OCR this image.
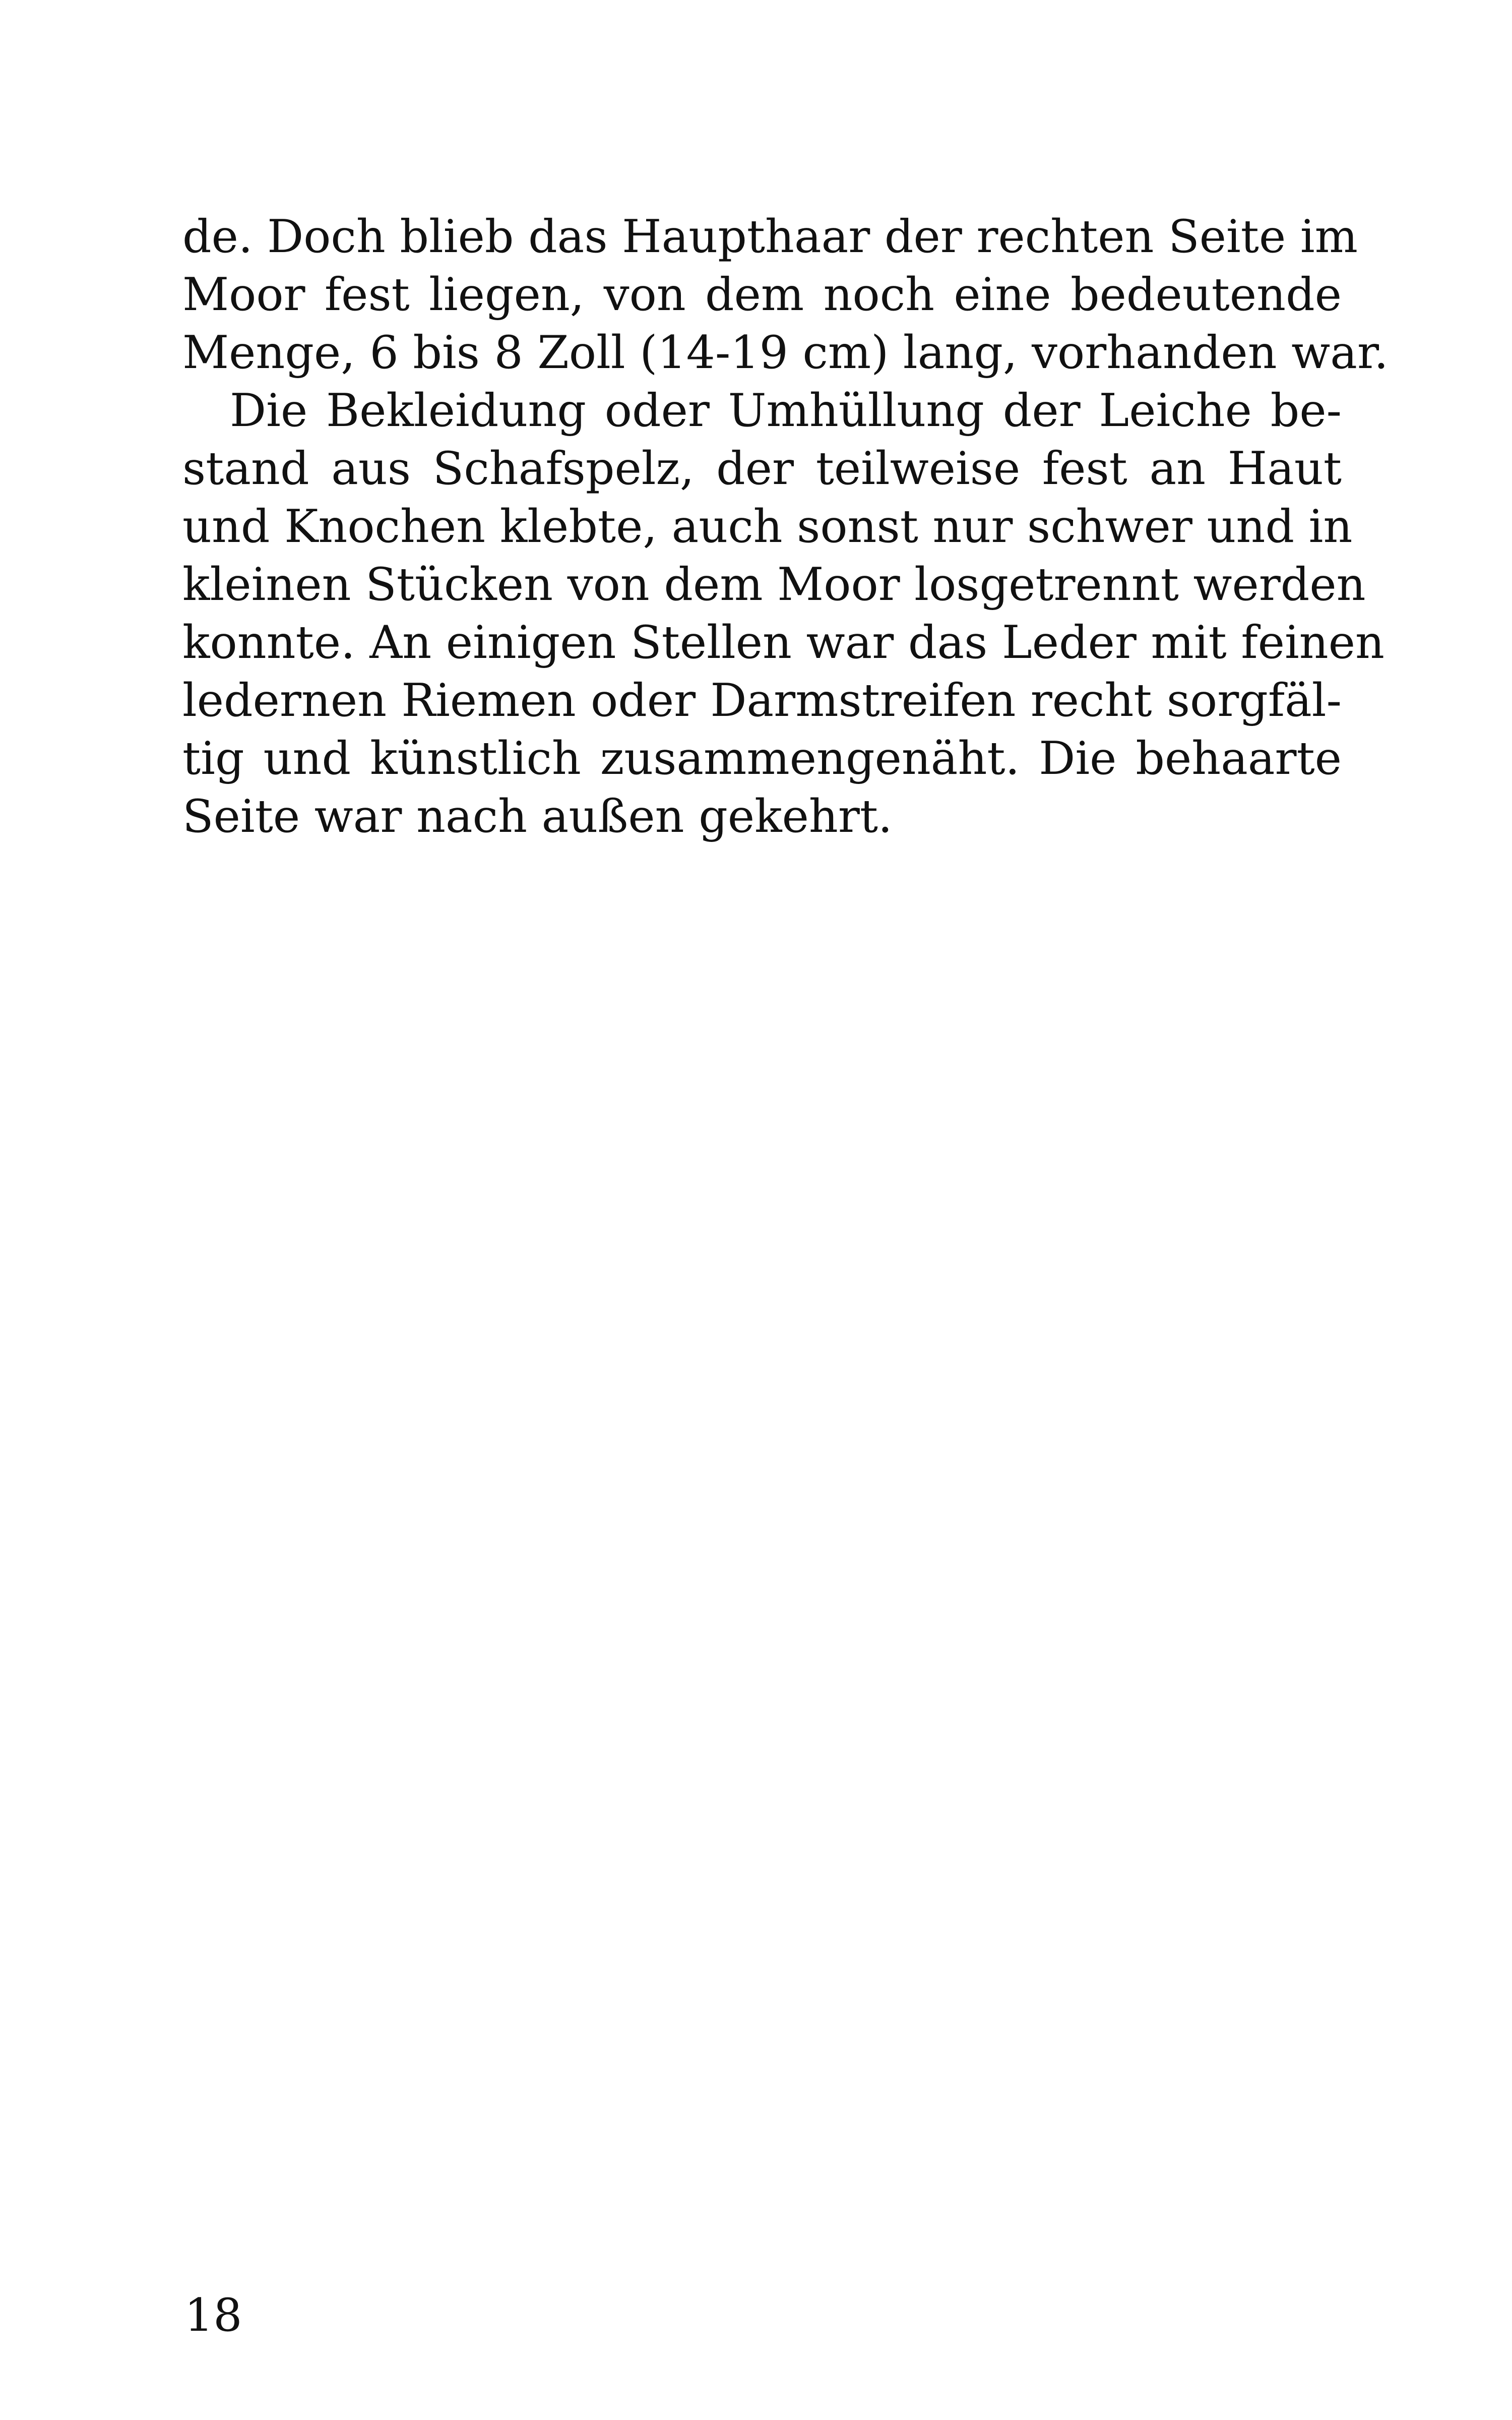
de. Doch blieb das Haupthaar der rechten Seite im
Moor fest liegen, von dem noch eine bedeutende
Menge, 6 bis 8 Zoll (14-19 cm) lang, vorhanden war.
Die Bekleidung oder Umhüllung der Leiche be-
stand aus Schafspelz, der teilweise fest an Haut
und Knochen klebte, auch sonst nur schwer und in
kleinen Stücken von dem Moor losgetrennt werden
konnte. An einigen Stellen war das Leder mit feinen
ledernen Riemen oder Darmstreifen recht sorgfäl-
tig und künstlich zusammengenäht. Die behaarte
Seite war nach außen gekehrt.
18
